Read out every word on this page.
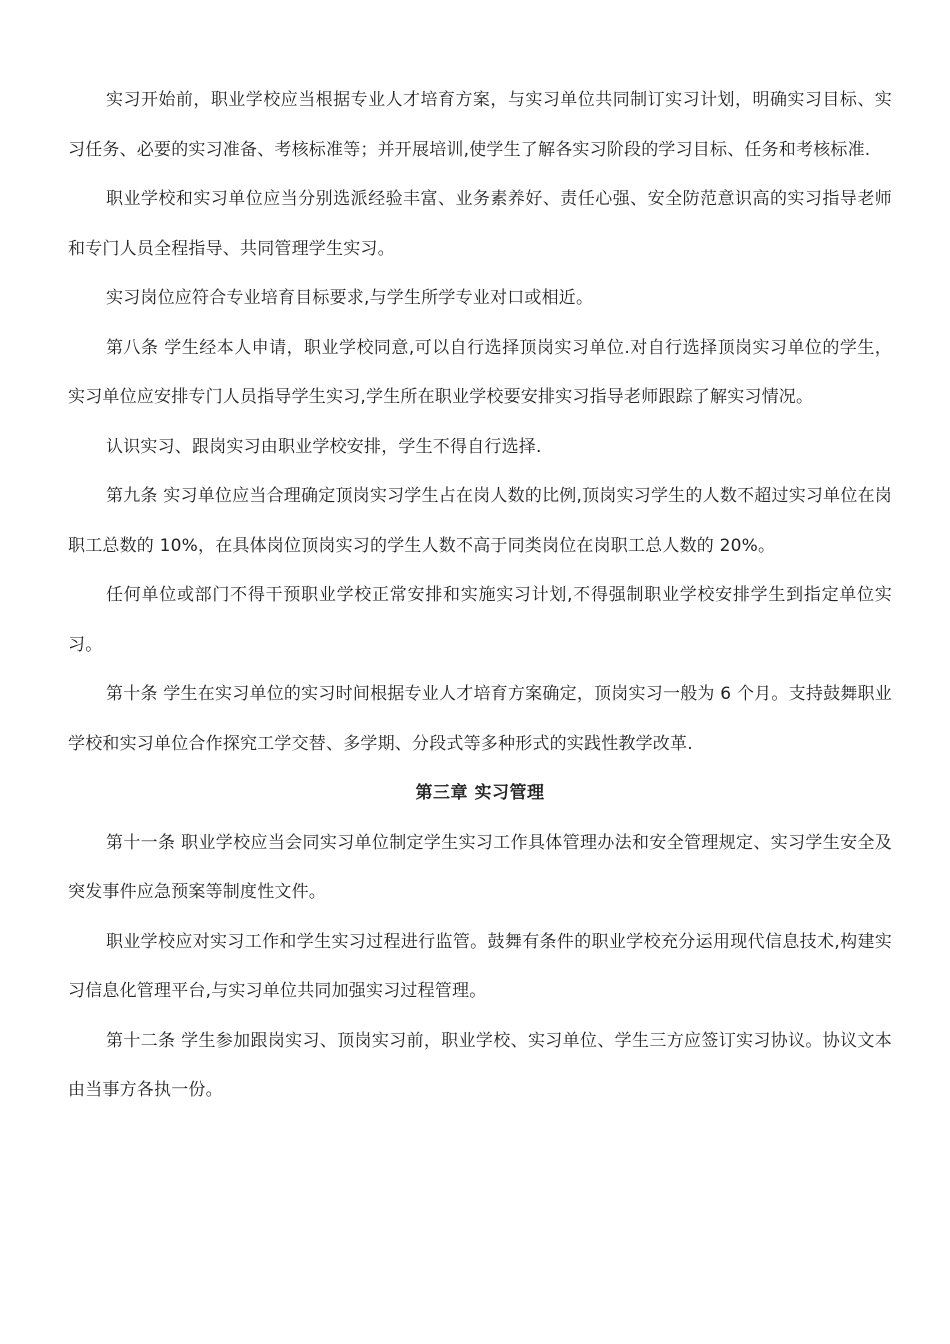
实习开始前，职业学校应当根据专业人才培育方案，与实习单位共同制订实习计划，明确实习目标、实习任务、必要的实习准备、考核标准等；并开展培训,使学生了解各实习阶段的学习目标、任务和考核标准.

职业学校和实习单位应当分别选派经验丰富、业务素养好、责任心强、安全防范意识高的实习指导老师和专门人员全程指导、共同管理学生实习。

实习岗位应符合专业培育目标要求,与学生所学专业对口或相近。

第八条 学生经本人申请，职业学校同意,可以自行选择顶岗实习单位.对自行选择顶岗实习单位的学生，实习单位应安排专门人员指导学生实习,学生所在职业学校要安排实习指导老师跟踪了解实习情况。

认识实习、跟岗实习由职业学校安排，学生不得自行选择.

第九条 实习单位应当合理确定顶岗实习学生占在岗人数的比例,顶岗实习学生的人数不超过实习单位在岗职工总数的 10%，在具体岗位顶岗实习的学生人数不高于同类岗位在岗职工总人数的 20%。

任何单位或部门不得干预职业学校正常安排和实施实习计划,不得强制职业学校安排学生到指定单位实习。

第十条 学生在实习单位的实习时间根据专业人才培育方案确定，顶岗实习一般为 6 个月。支持鼓舞职业学校和实习单位合作探究工学交替、多学期、分段式等多种形式的实践性教学改革.

第三章 实习管理

第十一条 职业学校应当会同实习单位制定学生实习工作具体管理办法和安全管理规定、实习学生安全及突发事件应急预案等制度性文件。

职业学校应对实习工作和学生实习过程进行监管。鼓舞有条件的职业学校充分运用现代信息技术,构建实习信息化管理平台,与实习单位共同加强实习过程管理。

第十二条 学生参加跟岗实习、顶岗实习前，职业学校、实习单位、学生三方应签订实习协议。协议文本由当事方各执一份。
